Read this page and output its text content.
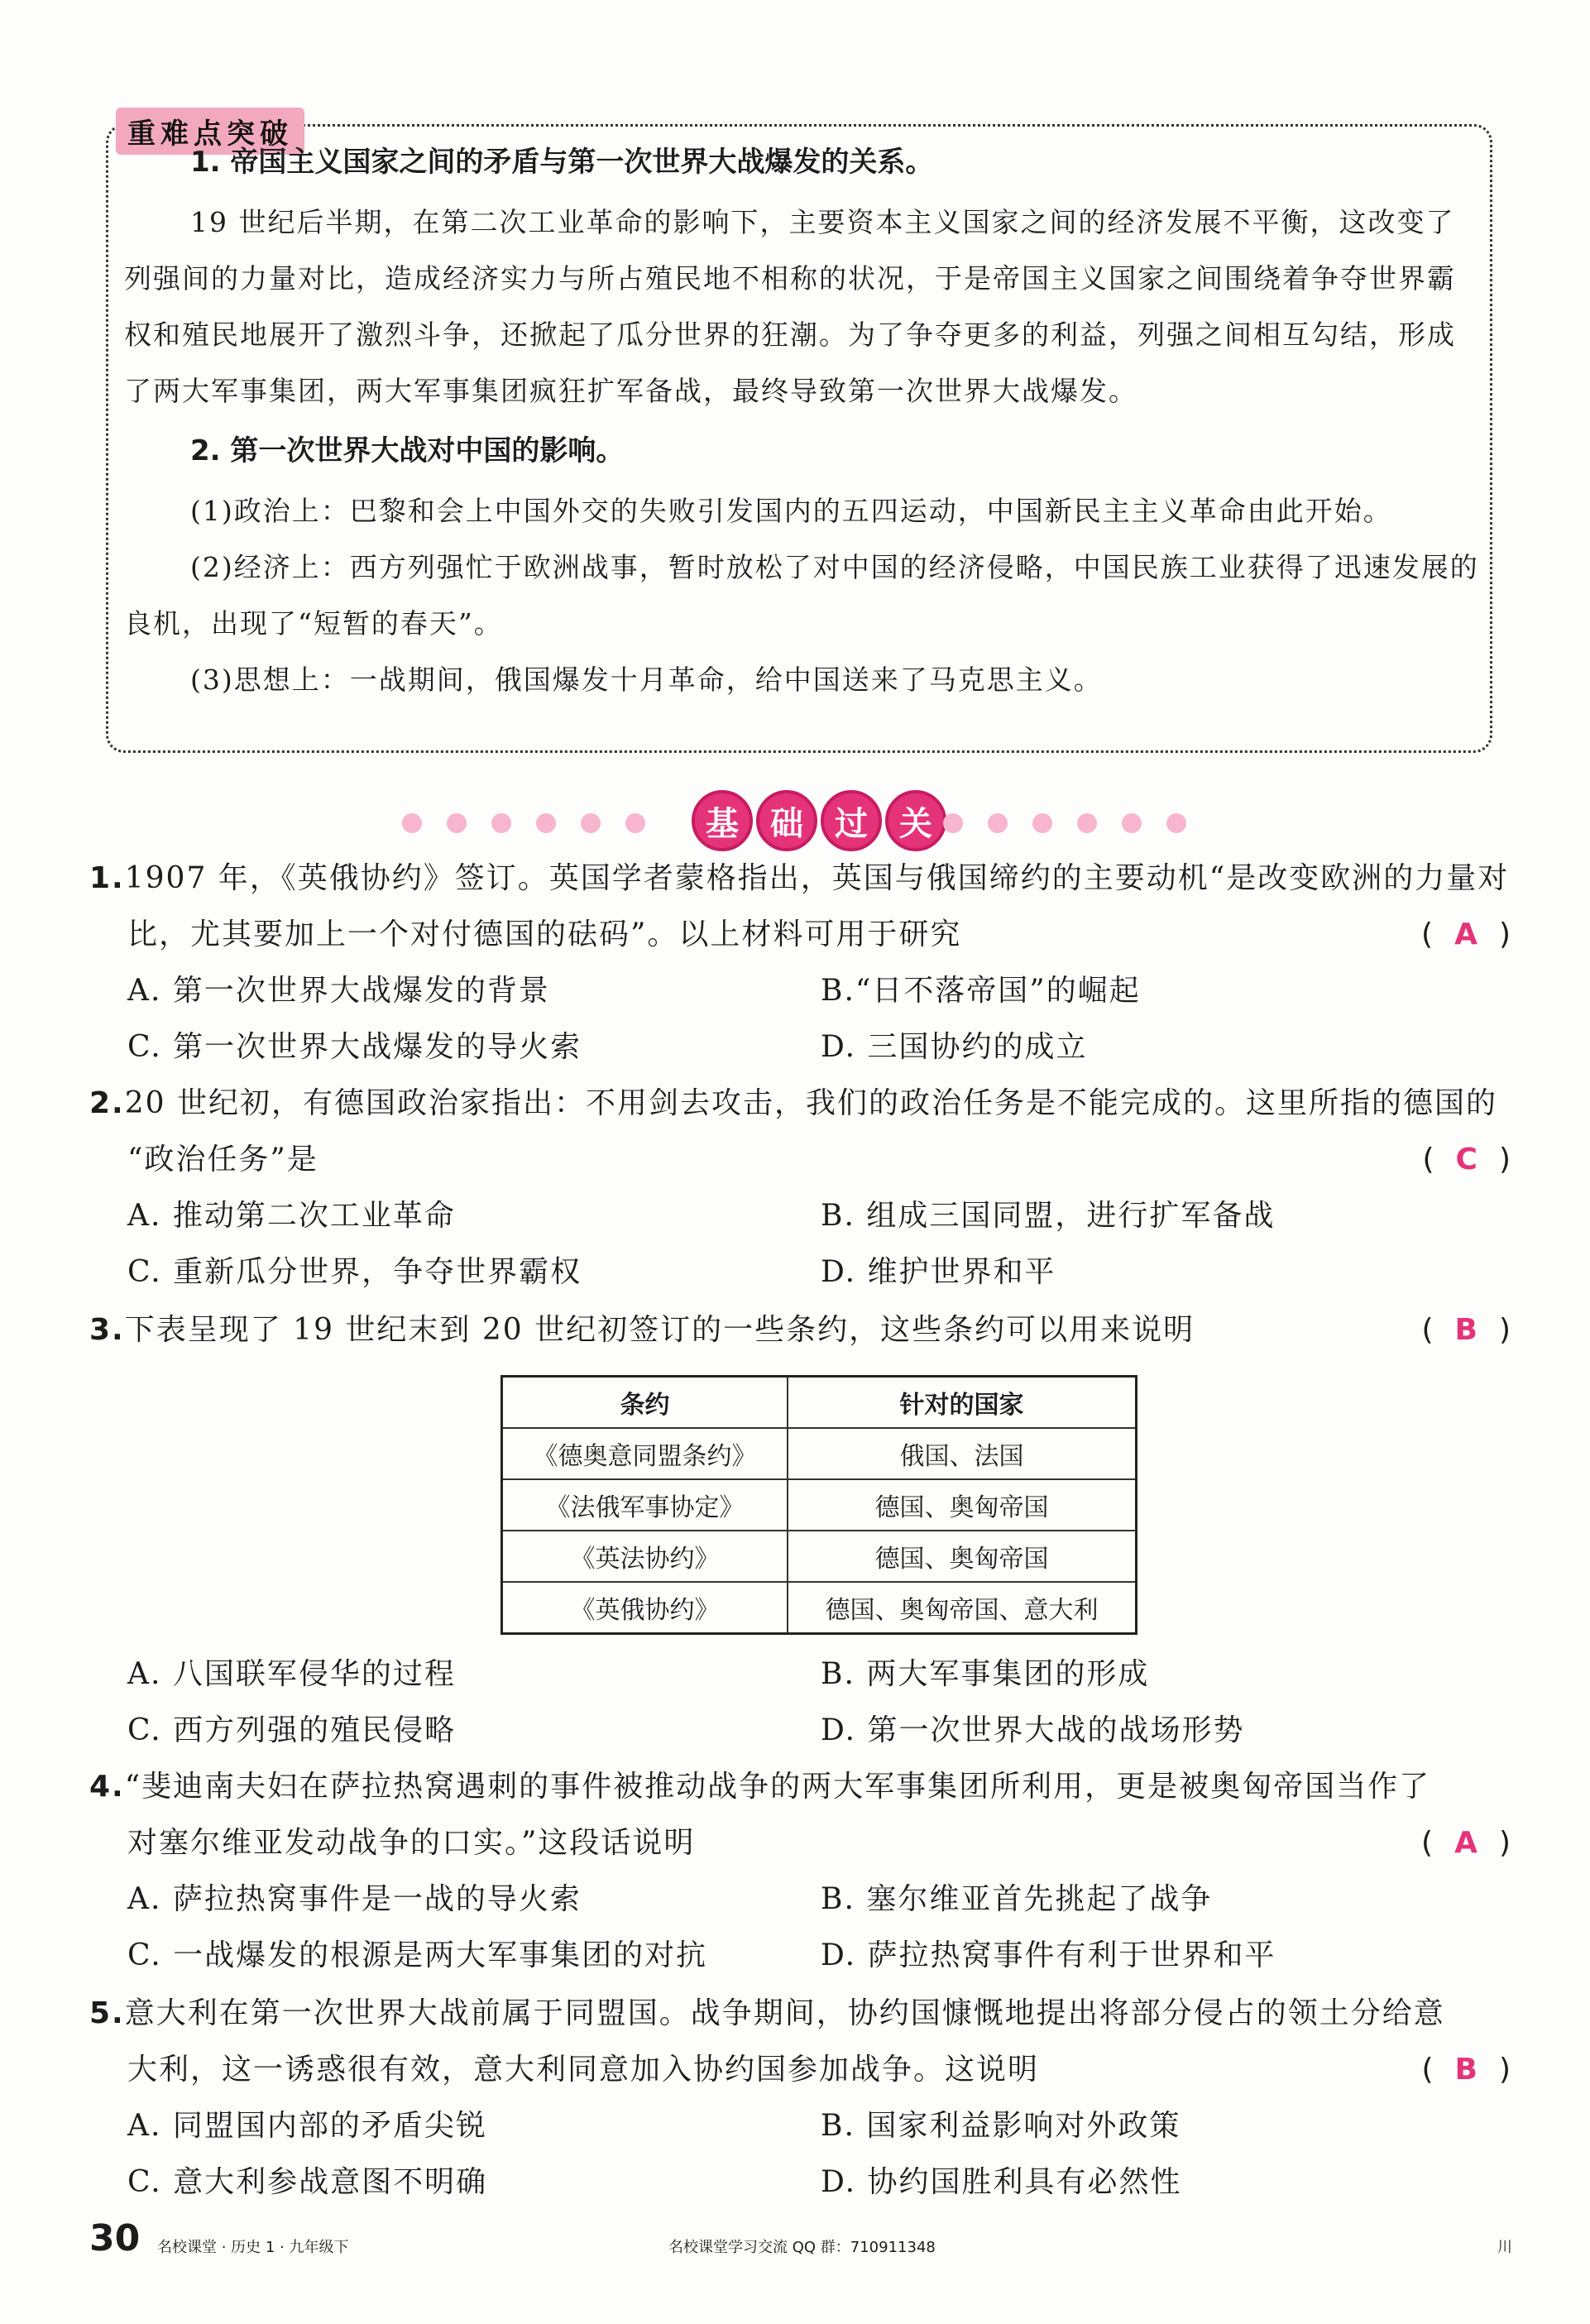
重难点突破

1. 帝国主义国家之间的矛盾与第一次世界大战爆发的关系。

19 世纪后半期，在第二次工业革命的影响下，主要资本主义国家之间的经济发展不平衡，这改变了列强间的力量对比，造成经济实力与所占殖民地不相称的状况，于是帝国主义国家之间围绕着争夺世界霸权和殖民地展开了激烈斗争，还掀起了瓜分世界的狂潮。为了争夺更多的利益，列强之间相互勾结，形成了两大军事集团，两大军事集团疯狂扩军备战，最终导致第一次世界大战爆发。

2. 第一次世界大战对中国的影响。

(1)政治上：巴黎和会上中国外交的失败引发国内的五四运动，中国新民主主义革命由此开始。

(2)经济上：西方列强忙于欧洲战事，暂时放松了对中国的经济侵略，中国民族工业获得了迅速发展的良机，出现了“短暂的春天”。

(3)思想上：一战期间，俄国爆发十月革命，给中国送来了马克思主义。

基 础 过 关
1.1907 年，《英俄协约》签订。英国学者蒙格指出，英国与俄国缔约的主要动机“是改变欧洲的力量对
比，尤其要加上一个对付德国的砝码”。以上材料可用于研究	( A )
A. 第一次世界大战爆发的背景	B.“日不落帝国”的崛起
C. 第一次世界大战爆发的导火索	D. 三国协约的成立
2.20 世纪初，有德国政治家指出：不用剑去攻击，我们的政治任务是不能完成的。这里所指的德国的
“政治任务”是	( C )
A. 推动第二次工业革命	B. 组成三国同盟，进行扩军备战
C. 重新瓜分世界，争夺世界霸权	D. 维护世界和平
3.下表呈现了 19 世纪末到 20 世纪初签订的一些条约，这些条约可以用来说明	( B )
条约	针对的国家
《德奥意同盟条约》	俄国、法国
《法俄军事协定》	德国、奥匈帝国
《英法协约》	德国、奥匈帝国
《英俄协约》	德国、奥匈帝国、意大利
A. 八国联军侵华的过程	B. 两大军事集团的形成
C. 西方列强的殖民侵略	D. 第一次世界大战的战场形势
4.“斐迪南夫妇在萨拉热窝遇刺的事件被推动战争的两大军事集团所利用，更是被奥匈帝国当作了
对塞尔维亚发动战争的口实。”这段话说明	( A )
A. 萨拉热窝事件是一战的导火索	B. 塞尔维亚首先挑起了战争
C. 一战爆发的根源是两大军事集团的对抗	D. 萨拉热窝事件有利于世界和平
5.意大利在第一次世界大战前属于同盟国。战争期间，协约国慷慨地提出将部分侵占的领土分给意
大利，这一诱惑很有效，意大利同意加入协约国参加战争。这说明	( B )
A. 同盟国内部的矛盾尖锐	B. 国家利益影响对外政策
C. 意大利参战意图不明确	D. 协约国胜利具有必然性
30 名校课堂 · 历史 1 · 九年级下	名校课堂学习交流 QQ 群：710911348	川
